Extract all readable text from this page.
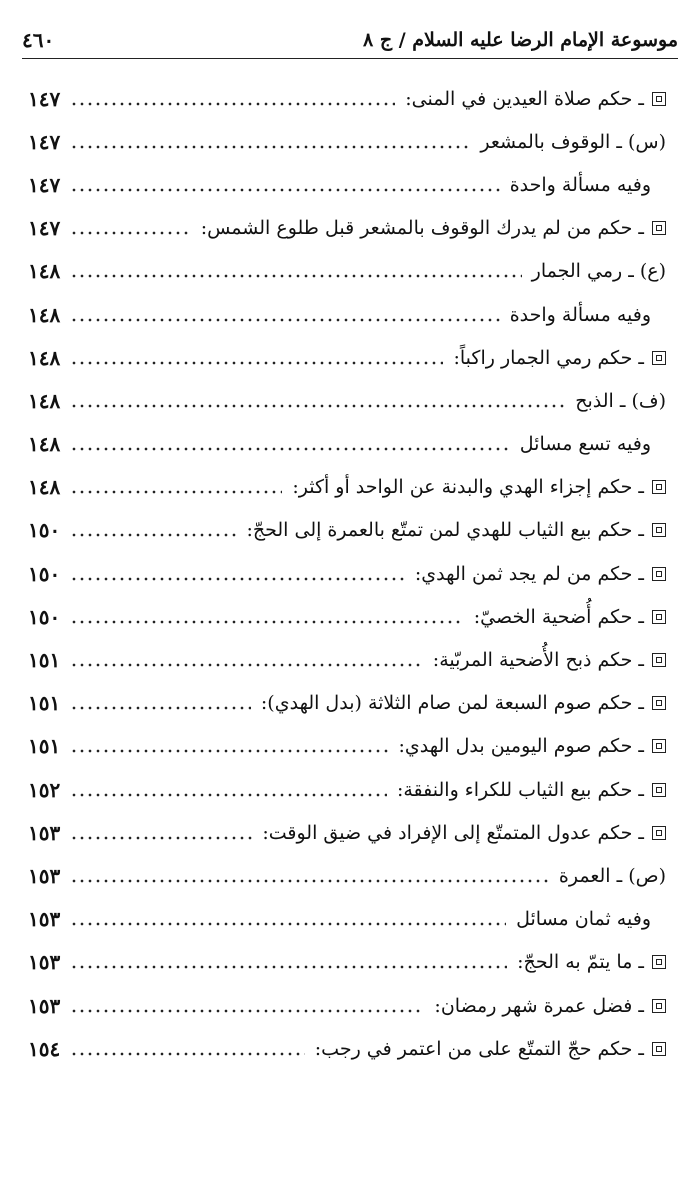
موسوعة الإمام الرضا عليه السلام / ج ٨
٤٦٠
ـ حكم صلاة العيدين في المنى:
١٤٧
(س) ـ الوقوف بالمشعر
١٤٧
وفيه مسألة واحدة
١٤٧
ـ حكم من لم يدرك الوقوف بالمشعر قبل طلوع الشمس:
١٤٧
(ع) ـ رمي الجمار
١٤٨
وفيه مسألة واحدة
١٤٨
ـ حكم رمي الجمار راكباً:
١٤٨
(ف) ـ الذبح
١٤٨
وفيه تسع مسائل
١٤٨
ـ حكم إجزاء الهدي والبدنة عن الواحد أو أكثر:
١٤٨
ـ حكم بيع الثياب للهدي لمن تمتّع بالعمرة إلى الحجّ:
١٥٠
ـ حكم من لم يجد ثمن الهدي:
١٥٠
ـ حكم أُضحية الخصيّ:
١٥٠
ـ حكم ذبح الأُضحية المربّية:
١٥١
ـ حكم صوم السبعة لمن صام الثلاثة (بدل الهدي):
١٥١
ـ حكم صوم اليومين بدل الهدي:
١٥١
ـ حكم بيع الثياب للكراء والنفقة:
١٥٢
ـ حكم عدول المتمتّع إلى الإفراد في ضيق الوقت:
١٥٣
(ص) ـ العمرة
١٥٣
وفيه ثمان مسائل
١٥٣
ـ ما يتمّ به الحجّ:
١٥٣
ـ فضل عمرة شهر رمضان:
١٥٣
ـ حكم حجّ التمتّع على من اعتمر في رجب:
١٥٤
